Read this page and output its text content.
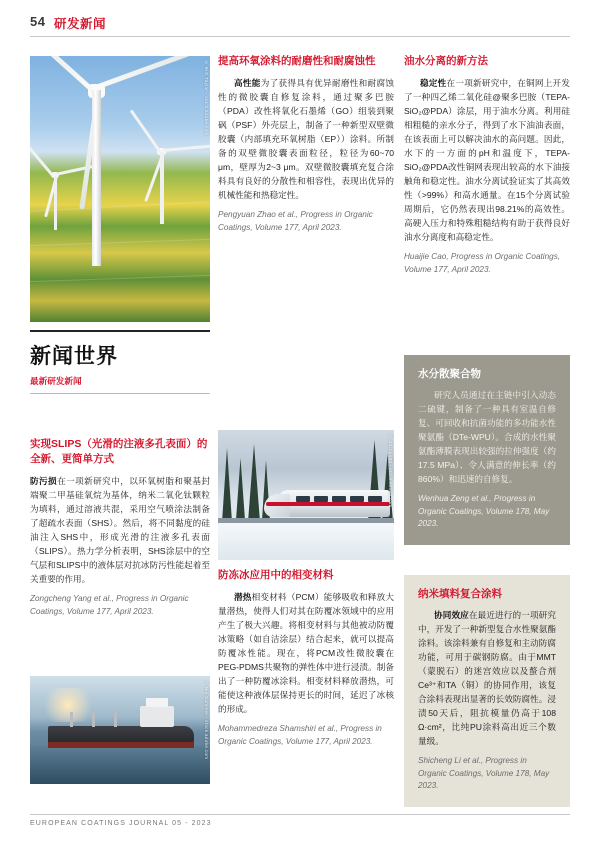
54 研发新闻
© Bim Taylor - stock.adobe.com
新闻世界
最新研发新闻
实现SLIPS（光滑的注液多孔表面）的全新、更简单方式

防污损在一项新研究中，以环氧树脂和聚基封端聚二甲基硅氧烷为基体，纳米二氧化钛颗粒为填料，通过溶液共混，采用空气喷涂法制备了超疏水表面（SHS）。然后，将不同黏度的硅油注入SHS中，形成光滑的注液多孔表面（SLIPS）。热力学分析表明，SHS涂层中的空气层和SLIPS中的液体层对抗冰防污性能起着至关重要的作用。

Zongcheng Yang et al., Progress in Organic Coatings, Volume 177, April 2023.
© Nix Sommer - stock.adobe.com
提高环氧涂料的耐磨性和耐腐蚀性

高性能为了获得具有优异耐磨性和耐腐蚀性的微胶囊自修复涂料，通过聚多巴胺（PDA）改性将氧化石墨烯（GO）组装到聚砜（PSF）外壳层上，制备了一种新型双壁微胶囊（内部填充环氧树脂（EP））涂料。所制备的双壁微胶囊表面粒径，粒径为60~70 μm，壁厚为2~3 μm。双壁微胶囊填充复合涂料具有良好的分散性和相容性，表现出优异的机械性能和热稳定性。

Pengyuan Zhao et al., Progress in Organic Coatings, Volume 177, April 2023.
© Jacopo88 - stock.adobe.com
防冻冰应用中的相变材料

潜热相变材料（PCM）能够吸收和释放大量潜热，使得人们对其在防覆冰领域中的应用产生了极大兴趣。将相变材料与其他被动防覆冰策略（如自洁涂层）结合起来，就可以提高防覆冰性能。现在，将PCM改性微胶囊在PEG-PDMS共聚物的弹性体中进行浸渍。制备出了一种防覆冰涂料。相变材料释放潜热，可能使这种液体层保持更长的时间，延迟了冰核的形成。

Mohammedreza Shamshiri et al., Progress in Organic Coatings, Volume 177, April 2023.
油水分离的新方法

稳定性在一项新研究中，在铜网上开发了一种四乙烯二氧化硅@聚多巴胺（TEPA-SiO₂@PDA）涂层，用于油水分离。利用硅相粗糙的亲水分子，得到了水下油油表面，在该表面上可以解决油水的高问题。因此，水下的一方面的pH和温度下，TEPA-SiO₂@PDA改性铜网表现出较高的水下油接触角和稳定性。油水分离试验证实了其高效性（>99%）和高水通量。在15个分离试验周期后，它仍然表现出98.21%的高效性。高硬入压力和特殊粗糙结构有助于获得良好油水分离度和高稳定性。

Huaijie Cao, Progress in Organic Coatings, Volume 177, April 2023.
水分散聚合物

研究人员通过在主链中引入动态二硫键，制备了一种具有室温自修复、可回收和抗菌功能的多功能水性聚氨酯（DTe-WPU）。合成的水性聚氨酯薄膜表现出较强的拉伸强度（约17.5 MPa）、令人满意的伸长率（约860%）和迅速的自修复。

Wenhua Zeng et al., Progress in Organic Coatings, Volume 178, May 2023.
纳米填料复合涂料

协同效应在最近进行的一项研究中，开发了一种新型复合水性聚氨酯涂料。该涂料兼有自修复和主动防腐功能，可用于碳钢防腐。由于MMT（蒙脱石）的迷宫效应以及螯合剂Ce³⁺和TA（铜）的协同作用，该复合涂料表现出显著的长效防腐性。浸渍50天后，阻抗模量仍高于108 Ω·cm²，比纯PU涂料高出近三个数量级。

Shicheng Li et al., Progress in Organic Coatings, Volume 178, May 2023.
EUROPEAN COATINGS JOURNAL 05 - 2023
